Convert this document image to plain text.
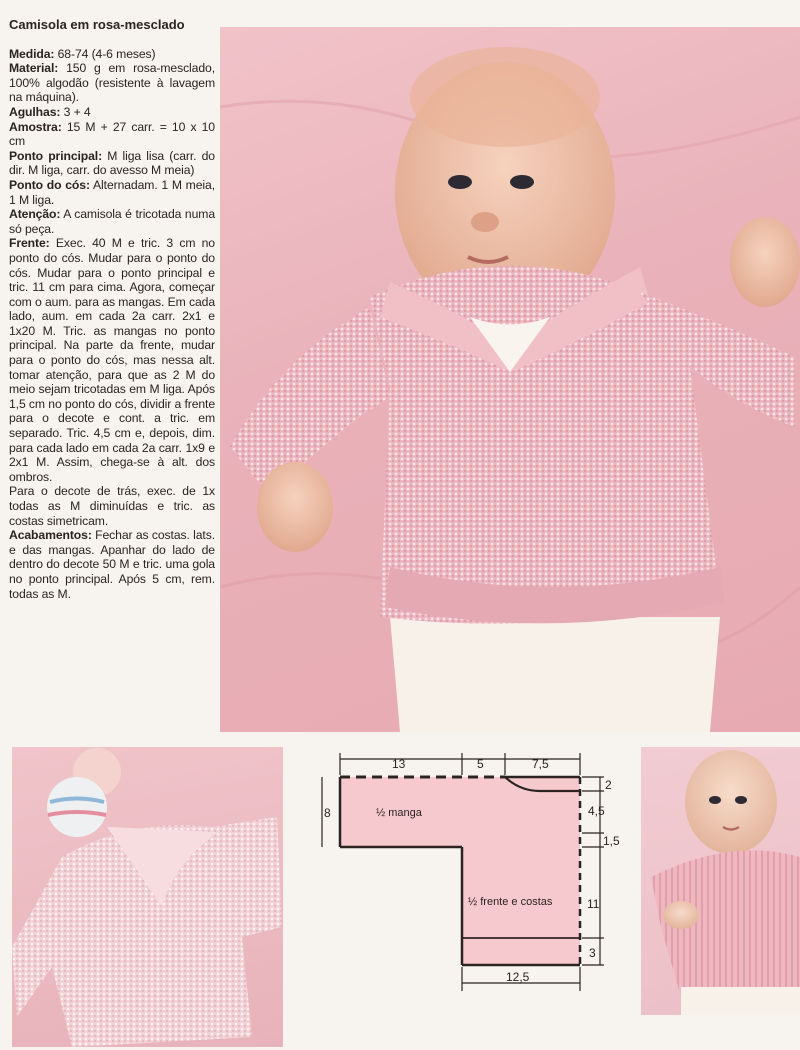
Camisola em rosa-mesclado

Medida: 68-74 (4-6 meses)

Material: 150 g em rosa-mesclado, 100% algodão (resistente à lavagem na máquina).

Agulhas: 3 + 4

Amostra: 15 M + 27 carr. = 10 x 10 cm

Ponto principal: M liga lisa (carr. do dir. M liga, carr. do avesso M meia)

Ponto do cós: Alternadam. 1 M meia, 1 M liga.

Atenção: A camisola é tricotada numa só peça.

Frente: Exec. 40 M e tric. 3 cm no ponto do cós. Mudar para o ponto do cós. Mudar para o ponto principal e tric. 11 cm para cima. Agora, começar com o aum. para as mangas. Em cada lado, aum. em cada 2a carr. 2x1 e 1x20 M. Tric. as mangas no ponto principal. Na parte da frente, mudar para o ponto do cós, mas nessa alt. tomar atenção, para que as 2 M do meio sejam tricotadas em M liga. Após 1,5 cm no ponto do cós, dividir a frente para o decote e cont. a tric. em separado. Tric. 4,5 cm e, depois, dim. para cada lado em cada 2a carr. 1x9 e 2x1 M. Assim, chega-se à alt. dos ombros.

Para o decote de trás, exec. de 1x todas as M diminuídas e tric. as costas simetricam.

Acabamentos: Fechar as costas. lats. e das mangas. Apanhar do lado de dentro do decote 50 M e tric. uma gola no ponto principal. Após 5 cm, rem. todas as M.

13	5	7,5
8
2
4,5
1,5
11
3
12,5
½ manga
½ frente e costas
